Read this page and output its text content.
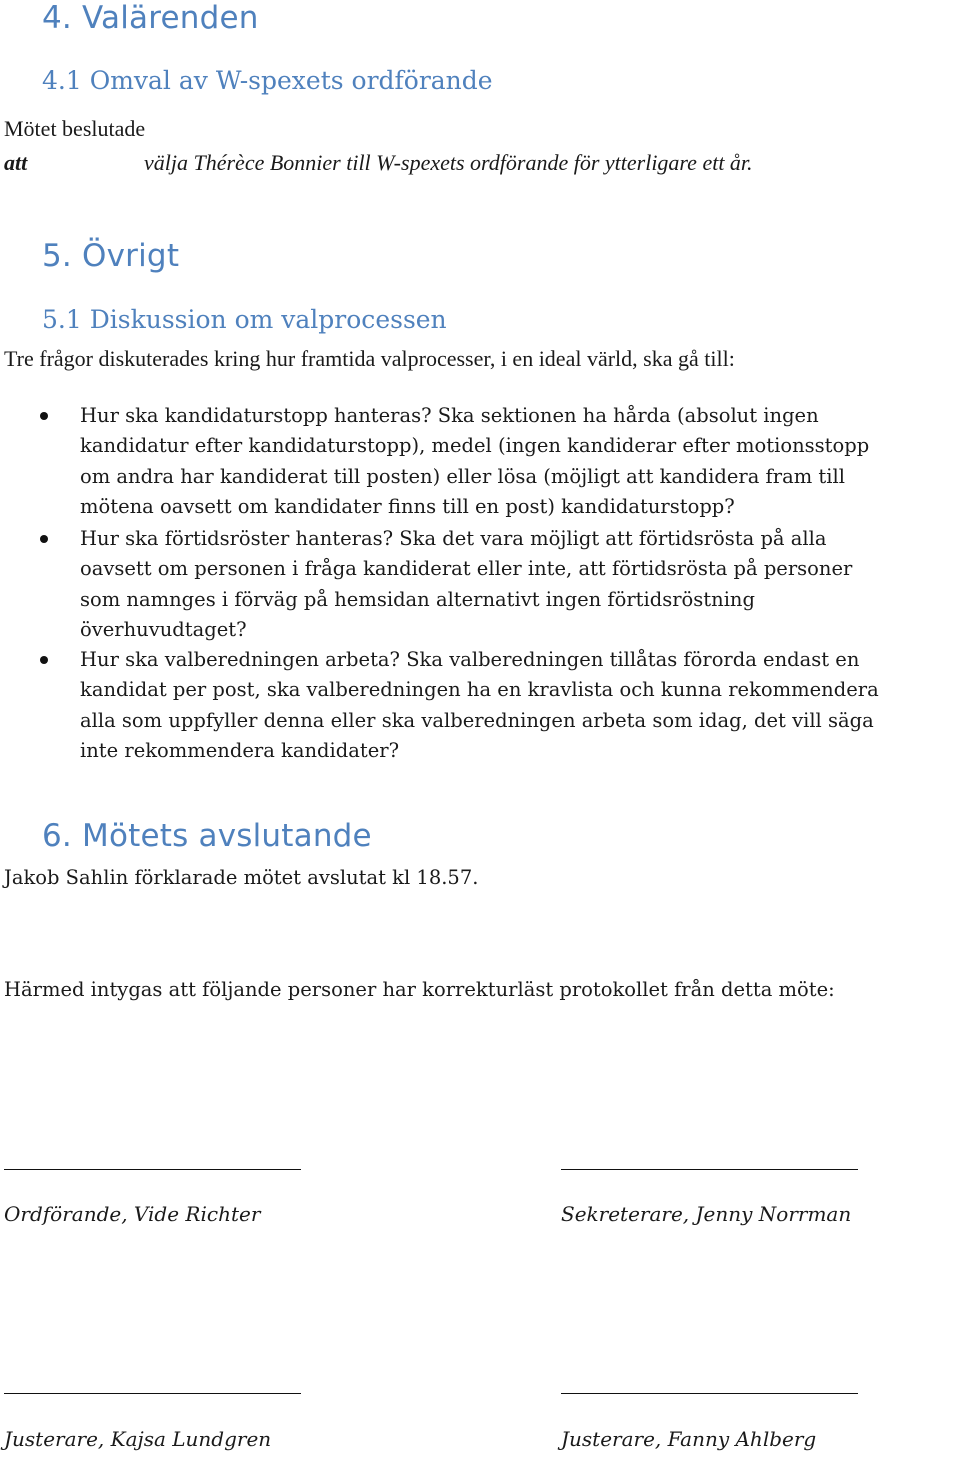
4. Valärenden
4.1 Omval av W-spexets ordförande
Mötet beslutade
att	välja Thérèce Bonnier till W-spexets ordförande för ytterligare ett år.
5. Övrigt
5.1 Diskussion om valprocessen
Tre frågor diskuterades kring hur framtida valprocesser, i en ideal värld, ska gå till:
Hur ska kandidaturstopp hanteras? Ska sektionen ha hårda (absolut ingen
kandidatur efter kandidaturstopp), medel (ingen kandiderar efter motionsstopp
om andra har kandiderat till posten) eller lösa (möjligt att kandidera fram till
mötena oavsett om kandidater finns till en post) kandidaturstopp?
Hur ska förtidsröster hanteras? Ska det vara möjligt att förtidsrösta på alla
oavsett om personen i fråga kandiderat eller inte, att förtidsrösta på personer
som namnges i förväg på hemsidan alternativt ingen förtidsröstning
överhuvudtaget?
Hur ska valberedningen arbeta? Ska valberedningen tillåtas förorda endast en
kandidat per post, ska valberedningen ha en kravlista och kunna rekommendera
alla som uppfyller denna eller ska valberedningen arbeta som idag, det vill säga
inte rekommendera kandidater?
6. Mötets avslutande
Jakob Sahlin förklarade mötet avslutat kl 18.57.
Härmed intygas att följande personer har korrekturläst protokollet från detta möte:
Ordförande, Vide Richter	Sekreterare, Jenny Norrman
Justerare, Kajsa Lundgren	Justerare, Fanny Ahlberg
